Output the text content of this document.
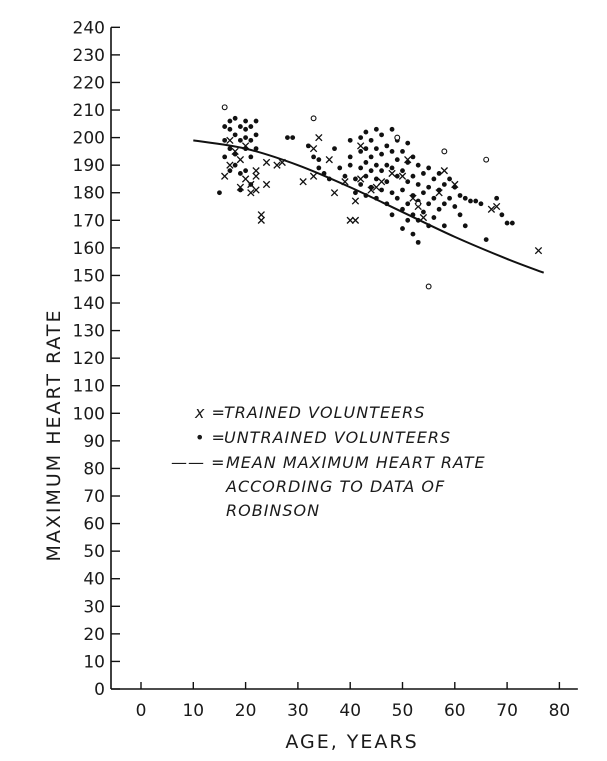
0
10
20
30
40
50
60
70
80
90
100
110
120
130
140
150
160
170
180
190
200
210
220
230
240
0 10 20 30 40 50 60 70 80
MAXIMUM HEART RATE
AGE, YEARS
x =
TRAINED VOLUNTEERS
• =
UNTRAINED VOLUNTEERS
—— = MEAN MAXIMUM HEART RATE
ACCORDING TO DATA OF
ROBINSON
